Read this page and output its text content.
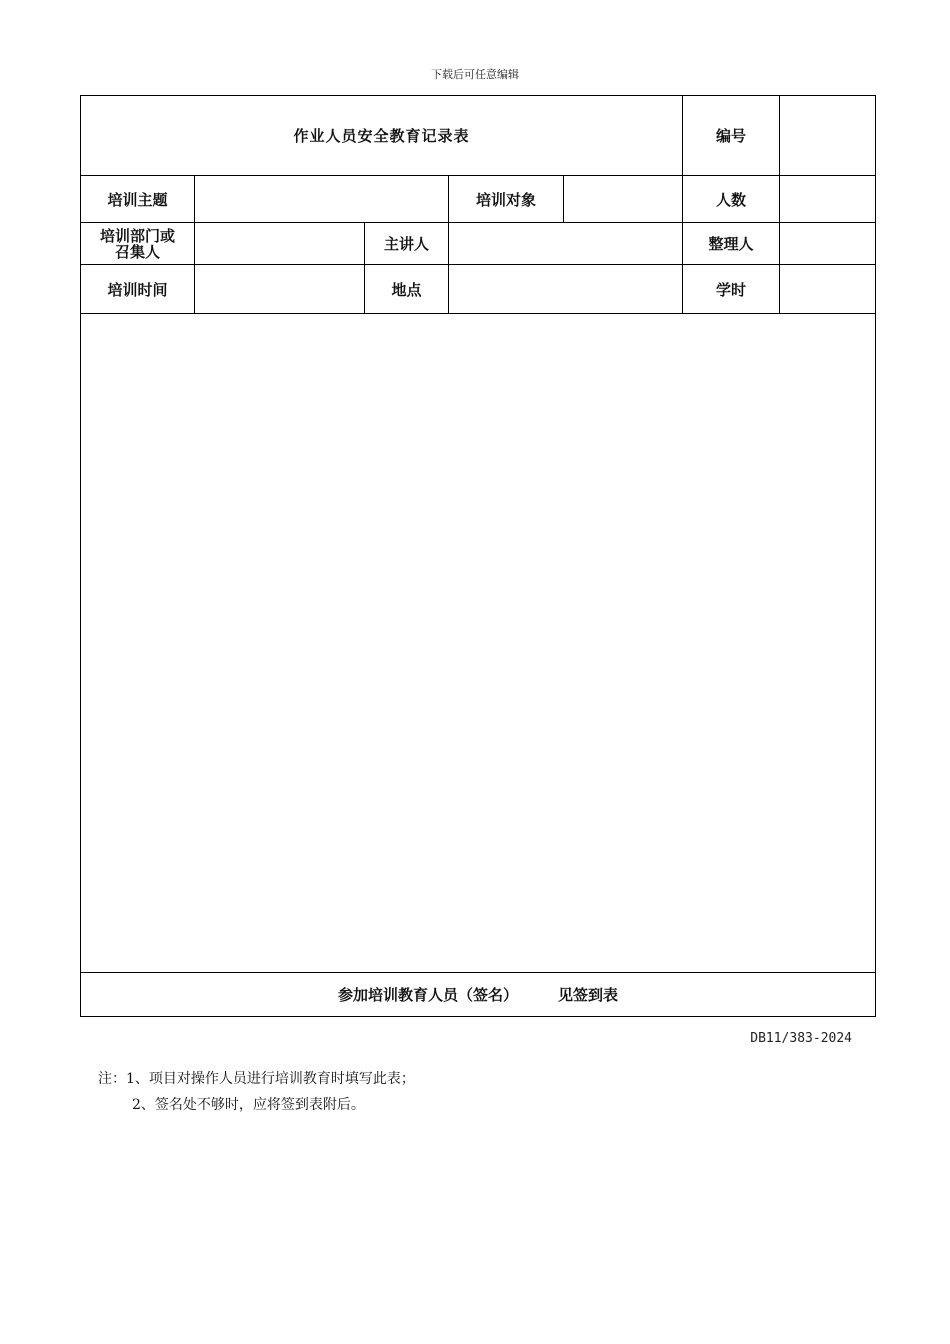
下载后可任意编辑
作业人员安全教育记录表					编号	
培训主题			培训对象		人数	
培训部门或
召集人		主讲人			整理人	
培训时间		地点			学时	

参加培训教育人员（签名） 见签到表						
DB11/383-2024
注：1、项目对操作人员进行培训教育时填写此表；
2、签名处不够时，应将签到表附后。
